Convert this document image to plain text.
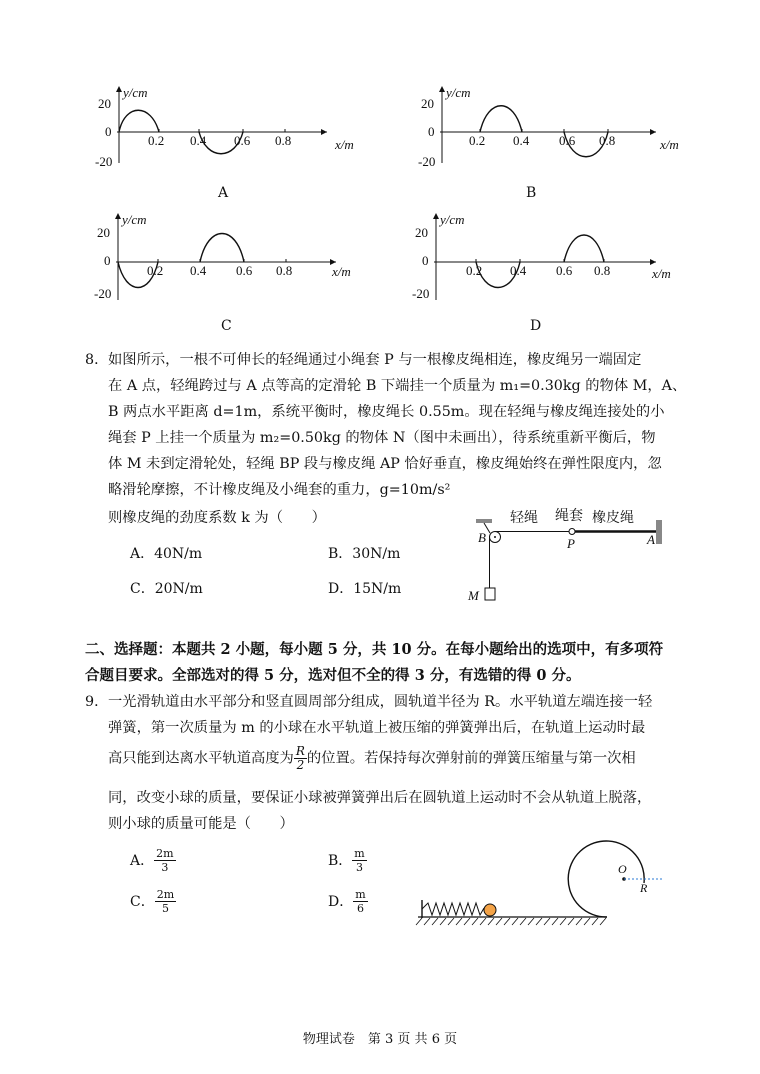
y/cm
20
0
-20
0.2 0.4 0.6 0.8	x/m
A
y/cm
20
0
-20
0.2 0.4 0.6 0.8	x/m
B
y/cm
20
0
-20
0.2 0.4 0.6 0.8	x/m
C
y/cm
20
0
-20
0.2 0.4 0.6 0.8	x/m
D
8． 如图所示，一根不可伸长的轻绳通过小绳套 P 与一根橡皮绳相连，橡皮绳另一端固定
在 A 点，轻绳跨过与 A 点等高的定滑轮 B 下端挂一个质量为 m₁=0.30kg 的物体 M，A、
B 两点水平距离 d=1m，系统平衡时，橡皮绳长 0.55m。现在轻绳与橡皮绳连接处的小
绳套 P 上挂一个质量为 m₂=0.50kg 的物体 N（图中未画出），待系统重新平衡后，物
体 M 未到定滑轮处，轻绳 BP 段与橡皮绳 AP 恰好垂直，橡皮绳始终在弹性限度内，忽
略滑轮摩擦，不计橡皮绳及小绳套的重力，g=10m/s²
则橡皮绳的劲度系数 k 为（　　）
A．40N/m	B．30N/m
C．20N/m	D．15N/m
轻绳 绳套 橡皮绳
B	P	A
M
二、选择题：本题共 2 小题，每小题 5 分，共 10 分。在每小题给出的选项中，有多项符
合题目要求。全部选对的得 5 分，选对但不全的得 3 分，有选错的得 0 分。
9． 一光滑轨道由水平部分和竖直圆周部分组成，圆轨道半径为 R。水平轨道左端连接一轻
弹簧，第一次质量为 m 的小球在水平轨道上被压缩的弹簧弹出后，在轨道上运动时最
高只能到达离水平轨道高度为 $\frac{R}{2}$ 的位置。若保持每次弹射前的弹簧压缩量与第一次相
同，改变小球的质量，要保证小球被弹簧弹出后在圆轨道上运动时不会从轨道上脱落，
则小球的质量可能是（　　）
A． $\frac{2m}{3}$	B． $\frac{m}{3}$
C． $\frac{2m}{5}$	D． $\frac{m}{6}$
O
R
物理试卷　第 3 页 共 6 页
